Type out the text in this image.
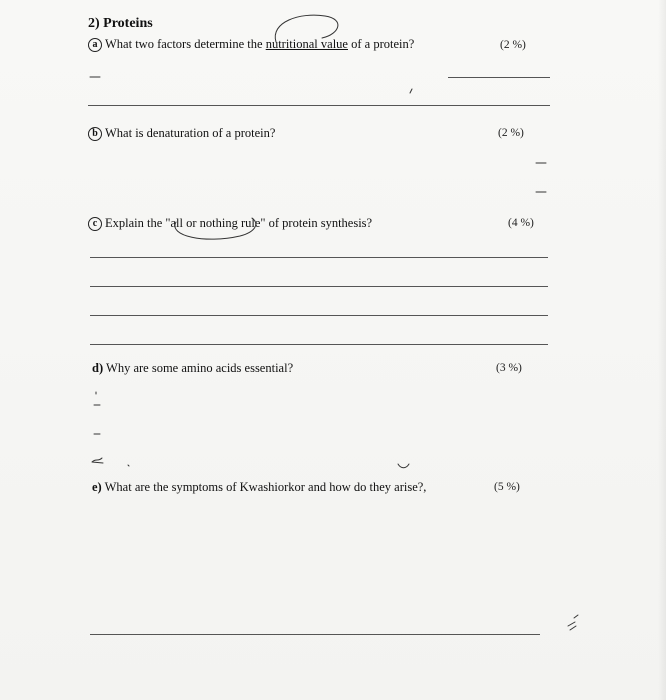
2) Proteins
a What two factors determine the nutritional value of a protein?	(2 %)
b What is denaturation of a protein?	(2 %)
c Explain the "all or nothing rule" of protein synthesis?	(4 %)
d) Why are some amino acids essential?	(3 %)
e) What are the symptoms of Kwashiorkor and how do they arise?,	(5 %)
